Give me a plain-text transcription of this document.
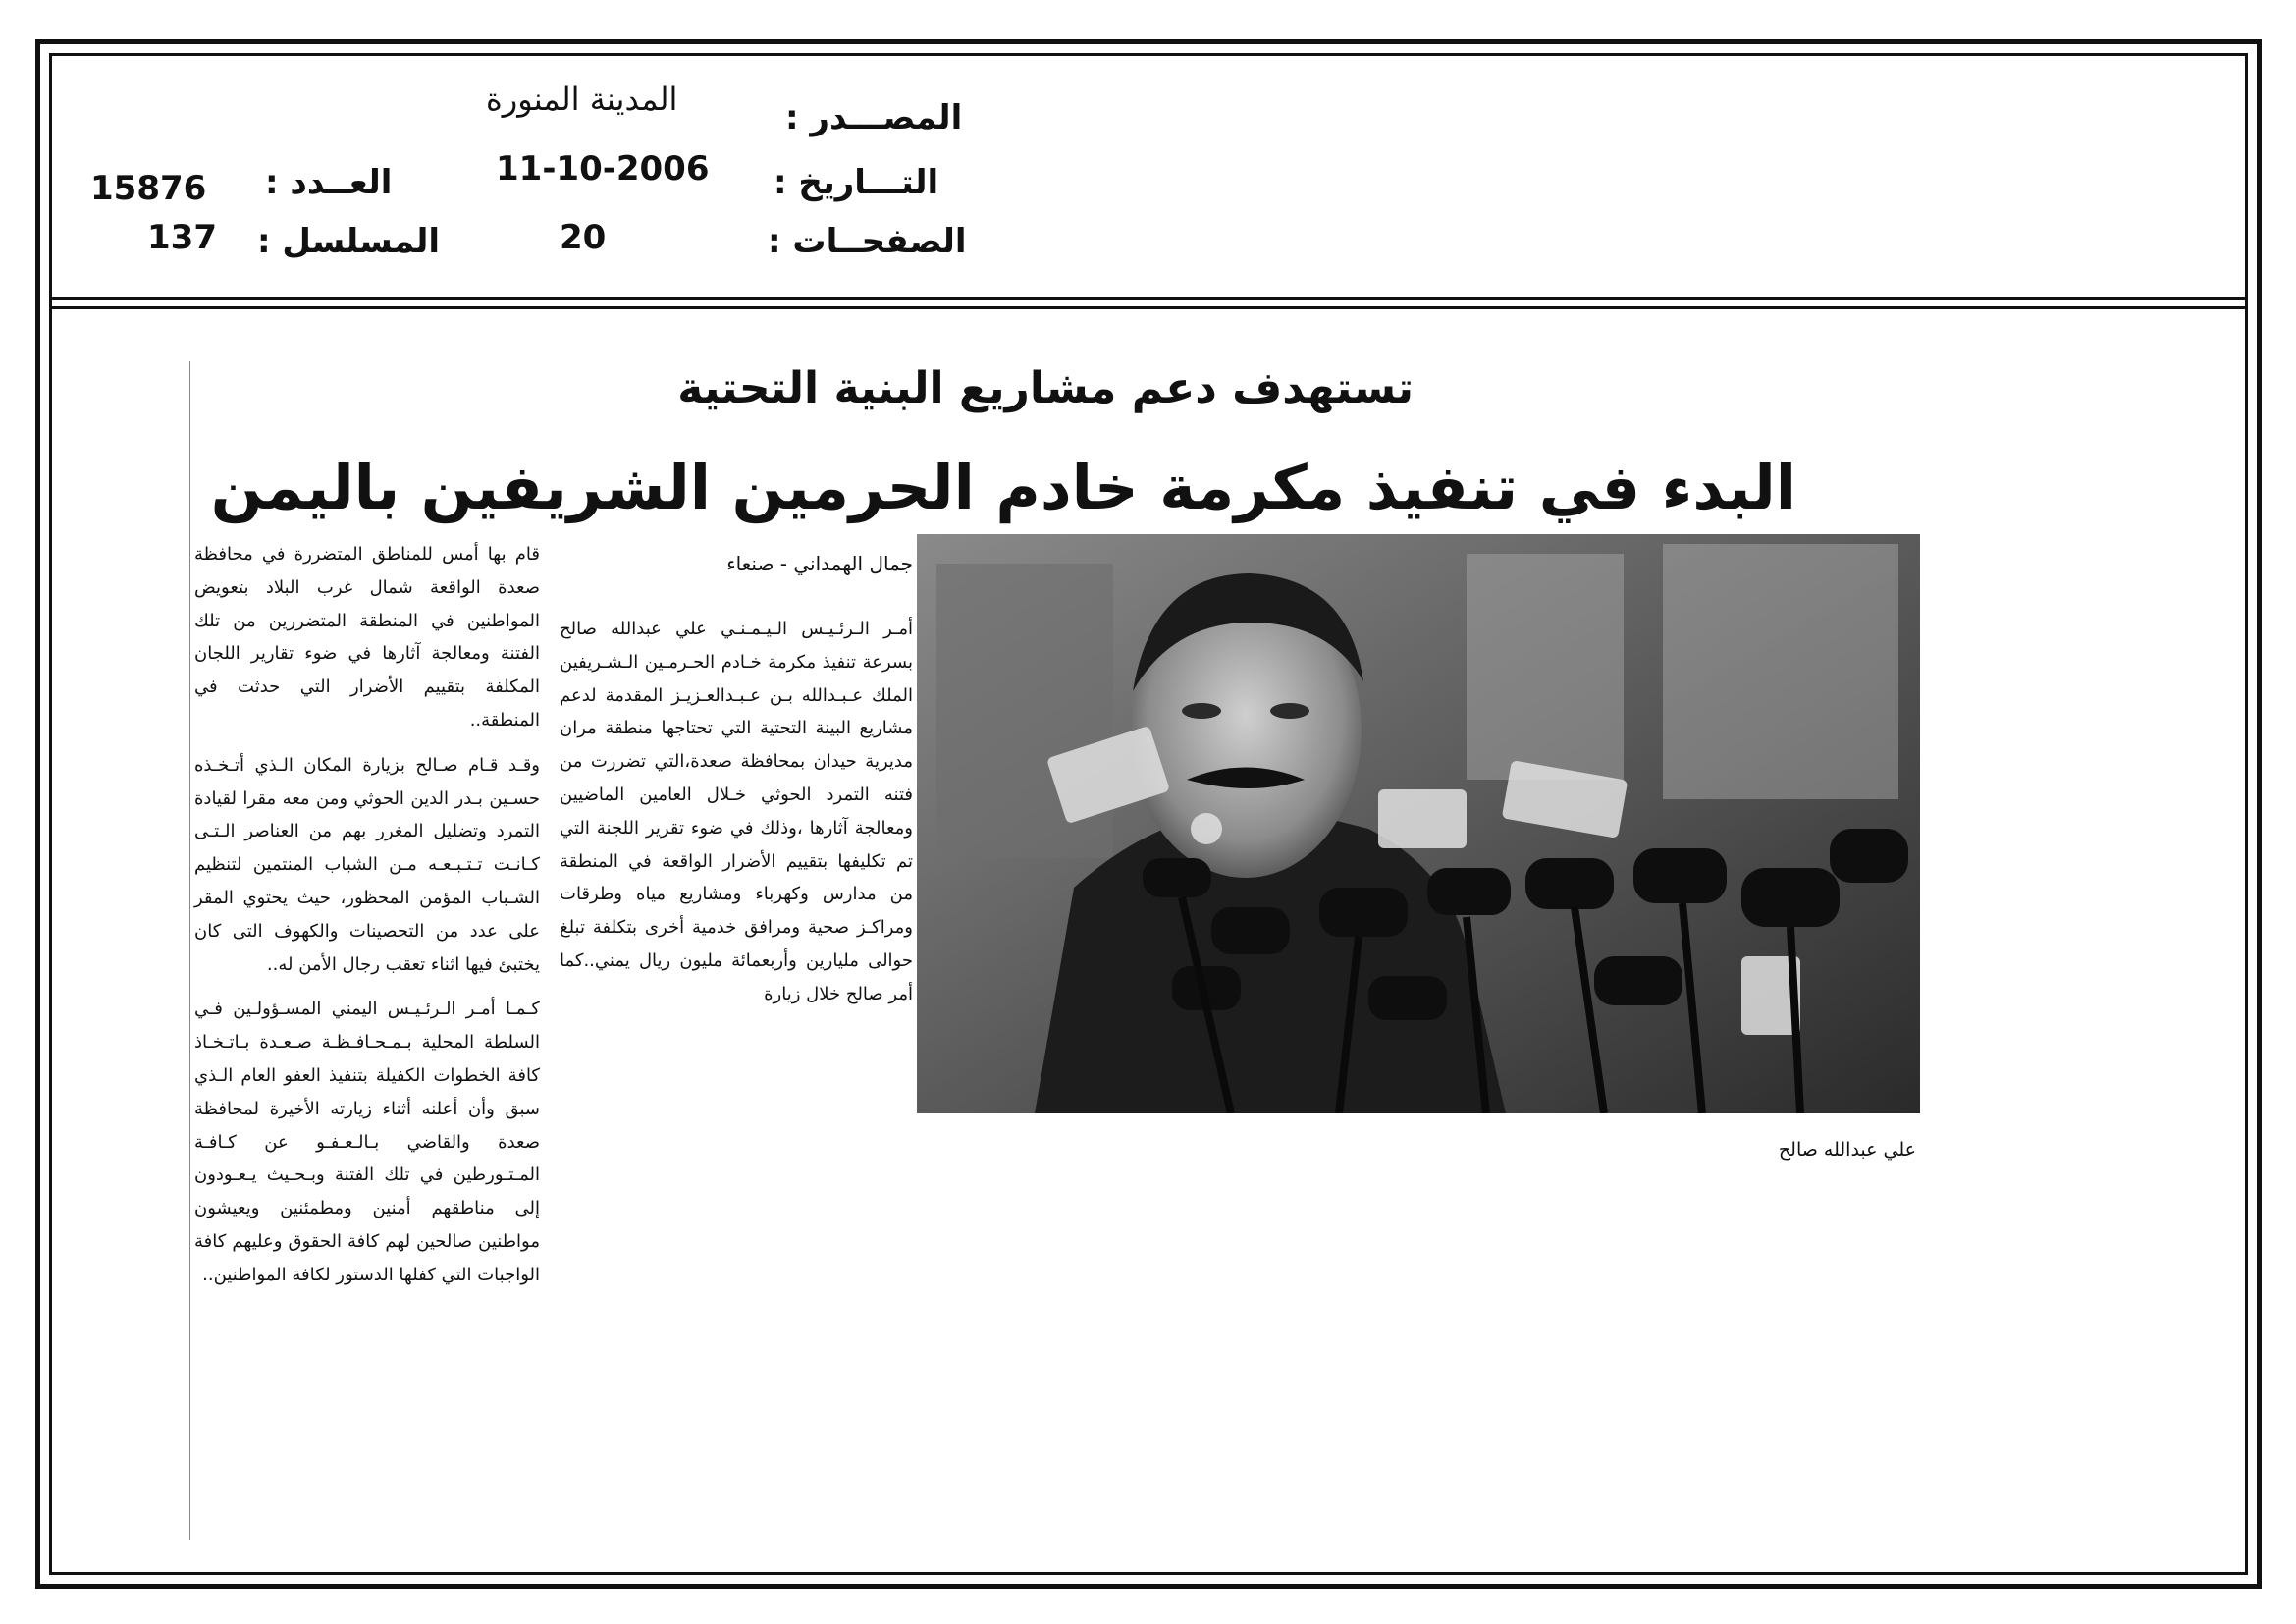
المصـــدر :
المدينة المنورة
التـــاريخ :
11-10-2006
الصفحــات :
20
العــدد :
15876
المسلسل :
137
تستهدف دعم مشاريع البنية التحتية
البدء في تنفيذ مكرمة خادم الحرمين الشريفين باليمن
جمال الهمداني - صنعاء

أمـر الـرئـيـس الـيـمـنـي علي عبدالله صالح بسرعة تنفيذ مكرمة خـادم الحـرمـين الـشـريفين الملك عـبـدالله بـن عـبـدالعـزيـز المقدمة لدعم مشاريع البينة التحتية التي تحتاجها منطقة مران مديرية حيدان بمحافظة صعدة،التي تضررت من فتنه التمرد الحوثي خـلال العامين الماضيين ومعالجة آثارها ،وذلك في ضوء تقرير اللجنة التي تم تكليفها بتقييم الأضرار الواقعة في المنطقة من مدارس وكهرباء ومشاريع مياه وطرقات ومراكـز صحية ومرافق خدمية أخرى بتكلفة تبلغ حوالى مليارين وأربعمائة مليون ريال يمني..كما أمر صالح خلال زيارة

قام بها أمس للمناطق المتضررة في محافظة صعدة الواقعة شمال غرب البلاد بتعويض المواطنين في المنطقة المتضررين من تلك الفتنة ومعالجة آثارها في ضوء تقارير اللجان المكلفة بتقييم الأضرار التي حدثت في المنطقة..

وقـد قـام صـالح بزيارة المكان الـذي أتـخـذه حسـين بـدر الدين الحوثي ومن معه مقرا لقيادة التمرد وتضليل المغرر بهم من العناصر الـتـى كـانـت تـتـبـعـه مـن الشباب المنتمين لتنظيم الشـباب المؤمن المحظور، حيث يحتوي المقر على عدد من التحصينات والكهوف التى كان يختبئ فيها اثناء تعقب رجال الأمن له..

كـمـا أمـر الـرئـيـس اليمني المسـؤولـين فـي السلطة المحلية بـمـحـافـظـة صـعـدة بـاتـخـاذ كافة الخطوات الكفيلة بتنفيذ العفو العام الـذي سبق وأن أعلنه أثناء زيارته الأخيرة لمحافظة صعدة والقاضي بـالـعـفـو عن كـافـة المـتـورطين في تلك الفتنة وبـحـيث يـعـودون إلى مناطقهم أمنين ومطمئنين ويعيشون مواطنين صالحين لهم كافة الحقوق وعليهم كافة الواجبات التي كفلها الدستور لكافة المواطنين..

علي عبدالله صالح
